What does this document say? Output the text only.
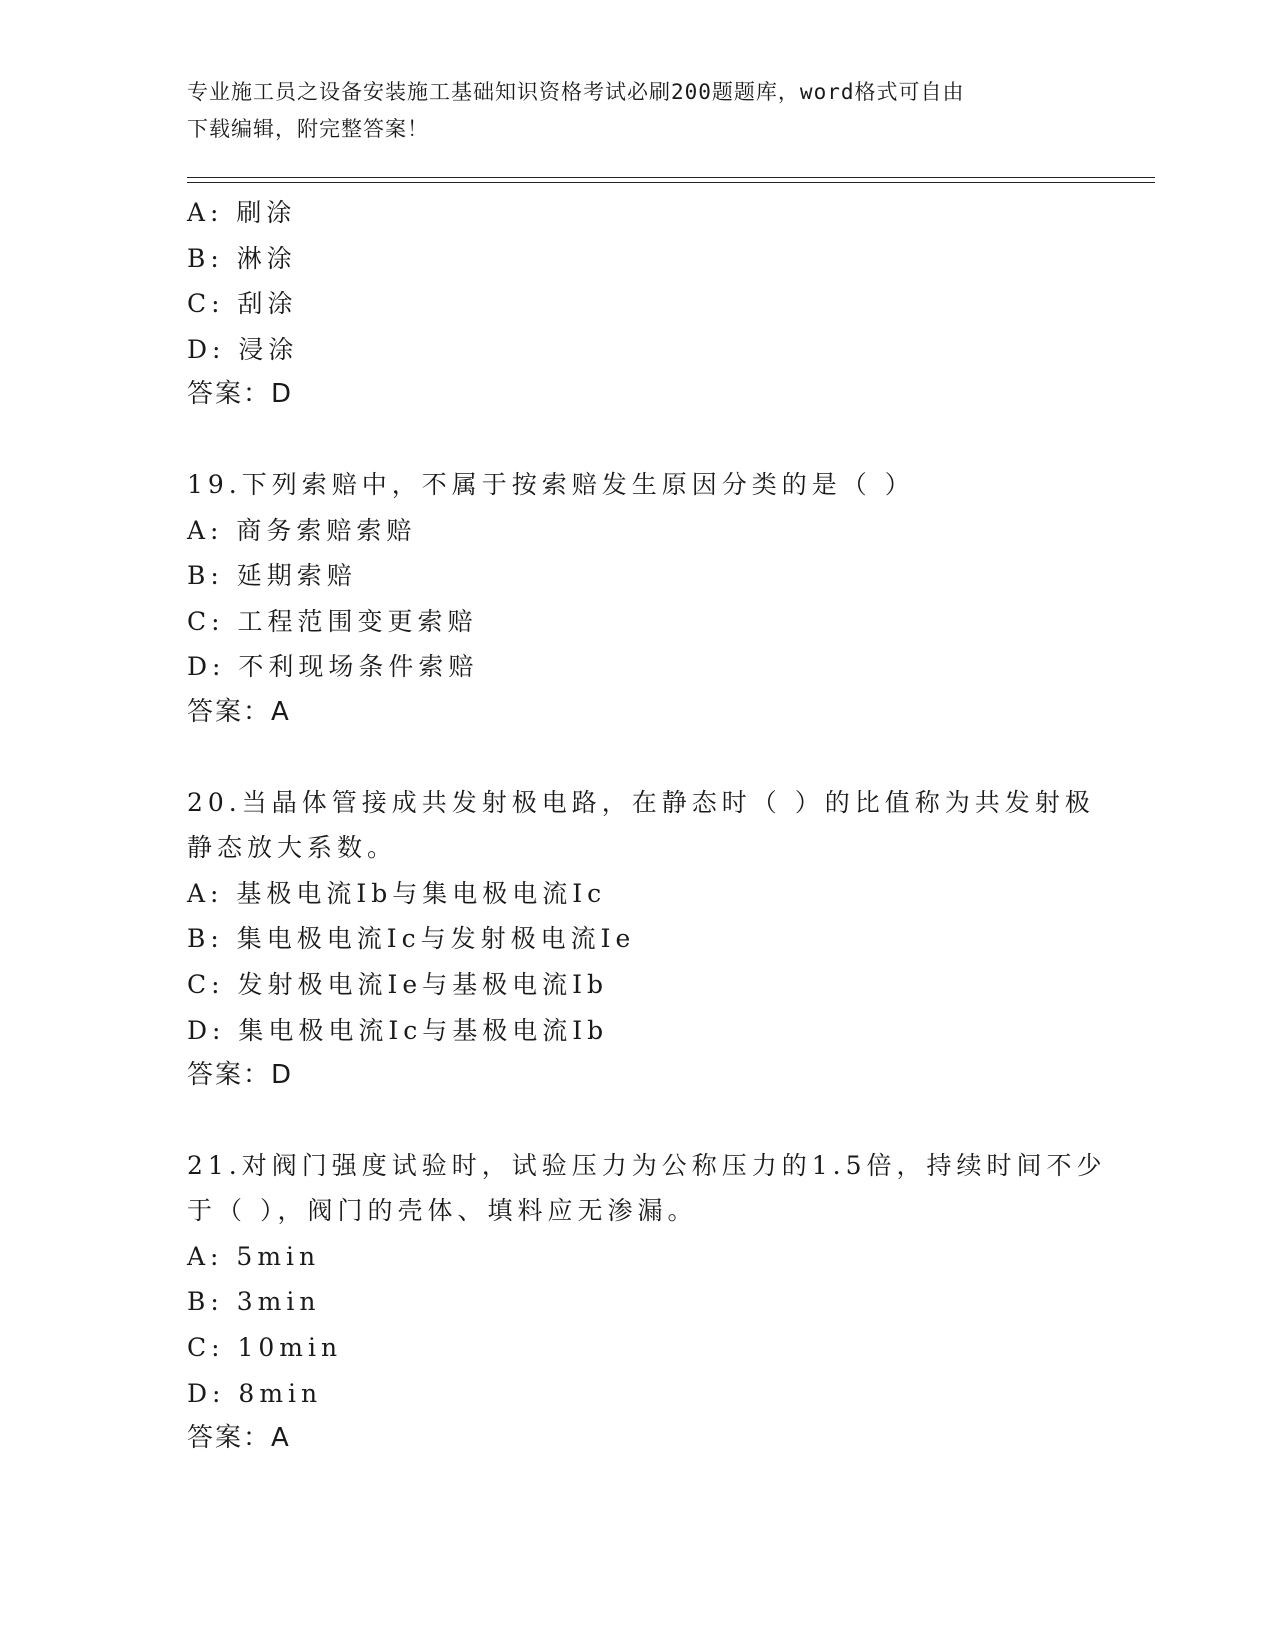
专业施工员之设备安装施工基础知识资格考试必刷200题题库，word格式可自由
下载编辑，附完整答案！
A: 刷涂
B: 淋涂
C: 刮涂
D: 浸涂
答案：D
19.下列索赔中，不属于按索赔发生原因分类的是（ ）
A: 商务索赔索赔
B: 延期索赔
C: 工程范围变更索赔
D: 不利现场条件索赔
答案：A
20.当晶体管接成共发射极电路，在静态时（ ）的比值称为共发射极
静态放大系数。
A: 基极电流Ib与集电极电流Ic
B: 集电极电流Ic与发射极电流Ie
C: 发射极电流Ie与基极电流Ib
D: 集电极电流Ic与基极电流Ib
答案：D
21.对阀门强度试验时，试验压力为公称压力的1.5倍，持续时间不少
于（ ），阀门的壳体、填料应无渗漏。
A: 5min
B: 3min
C: 10min
D: 8min
答案：A
